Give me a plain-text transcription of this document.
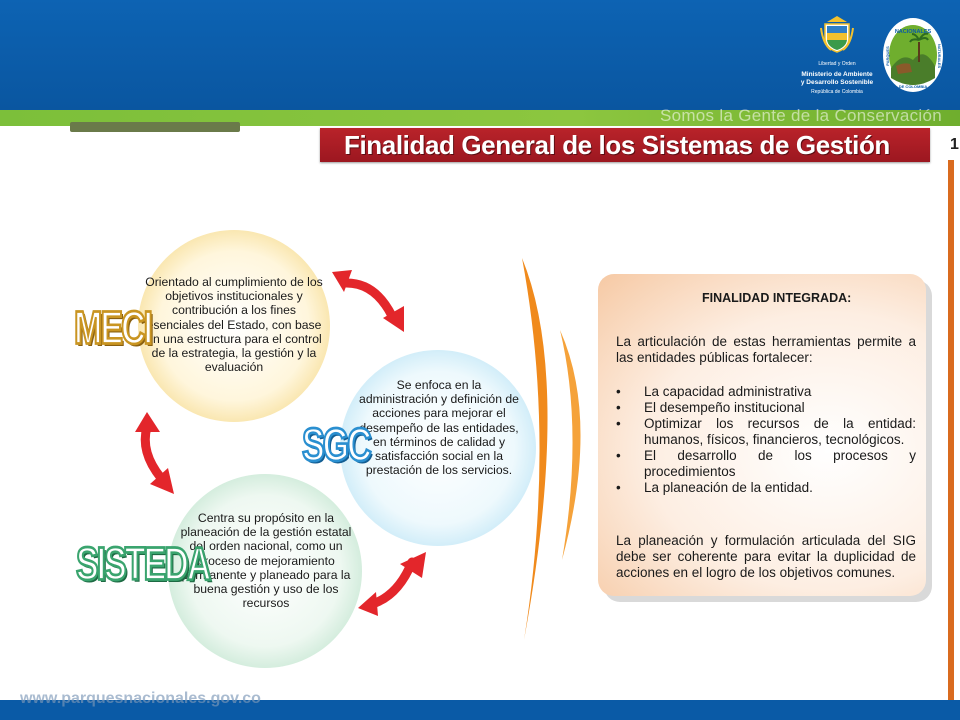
Libertad y Orden
Ministerio de Ambiente
y Desarrollo Sostenible
República de Colombia
NACIONALES
DE COLOMBIA
PARQUES	NATURALES
Somos la Gente de la Conservación
Finalidad General de los Sistemas de Gestión	1
Orientado al cumplimiento de los objetivos institucionales y contribución a los fines esenciales del Estado, con base en una estructura para el control de la estrategia, la gestión y la evaluación
Se enfoca en la administración y definición de acciones para mejorar el desempeño de las entidades, en términos de calidad y satisfacción social en la prestación de los servicios.
Centra su propósito en la planeación de la gestión estatal del orden nacional, como un proceso de mejoramiento permanente y planeado para la buena gestión y uso de los recursos
MECI
SGC
SISTEDA
FINALIDAD INTEGRADA:
La articulación de estas herramientas permite a las entidades públicas fortalecer:
• La capacidad administrativa
• El desempeño institucional
• Optimizar los recursos de la entidad: humanos, físicos, financieros, tecnológicos.
• El desarrollo de los procesos y procedimientos
• La planeación de la entidad.
La planeación y formulación articulada del SIG debe ser coherente para evitar la duplicidad de acciones en el logro de los objetivos comunes.
www.parquesnacionales.gov.co
